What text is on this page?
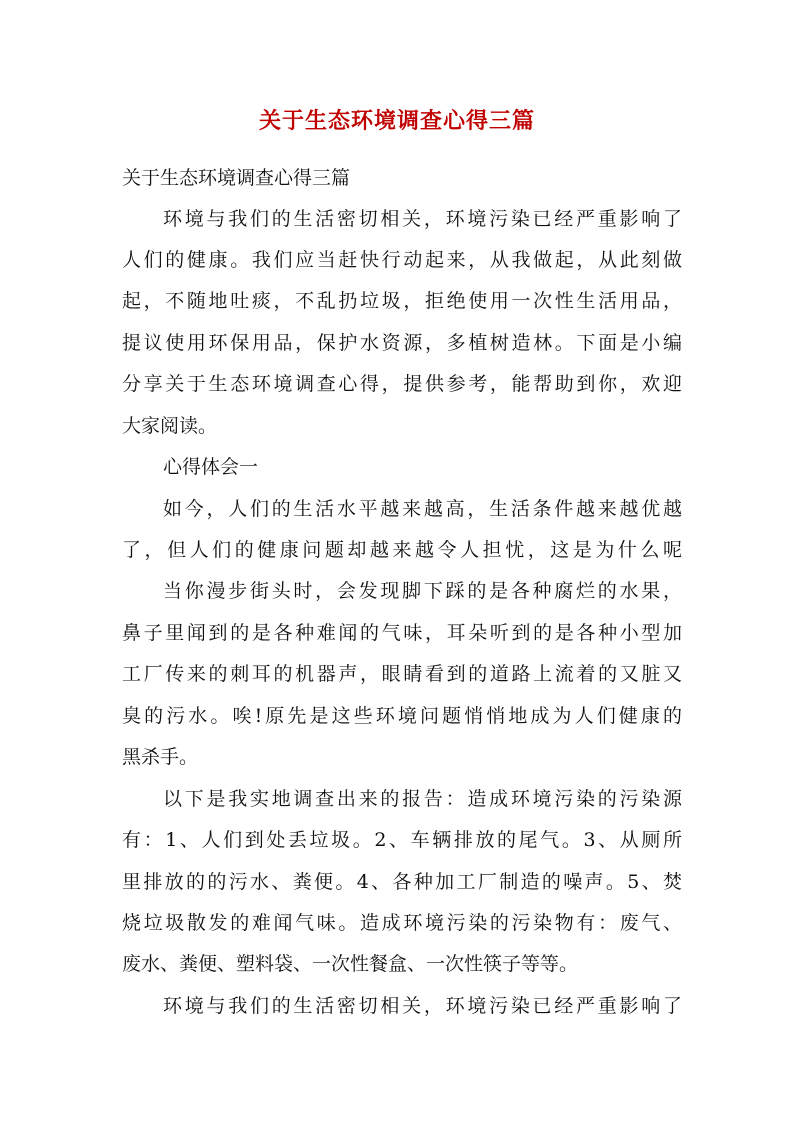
关于生态环境调查心得三篇

关于生态环境调查心得三篇

环境与我们的生活密切相关，环境污染已经严重影响了

人们的健康。我们应当赶快行动起来，从我做起，从此刻做

起，不随地吐痰，不乱扔垃圾，拒绝使用一次性生活用品，

提议使用环保用品，保护水资源，多植树造林。下面是小编

分享关于生态环境调查心得，提供参考，能帮助到你，欢迎

大家阅读。

心得体会一

如今，人们的生活水平越来越高，生活条件越来越优越

了，但人们的健康问题却越来越令人担忧，这是为什么呢

当你漫步街头时，会发现脚下踩的是各种腐烂的水果，

鼻子里闻到的是各种难闻的气味，耳朵听到的是各种小型加

工厂传来的刺耳的机器声，眼睛看到的道路上流着的又脏又

臭的污水。唉!原先是这些环境问题悄悄地成为人们健康的

黑杀手。

以下是我实地调查出来的报告：造成环境污染的污染源

有：1、人们到处丢垃圾。2、车辆排放的尾气。3、从厕所

里排放的的污水、粪便。4、各种加工厂制造的噪声。5、焚

烧垃圾散发的难闻气味。造成环境污染的污染物有：废气、

废水、粪便、塑料袋、一次性餐盒、一次性筷子等等。

环境与我们的生活密切相关，环境污染已经严重影响了
